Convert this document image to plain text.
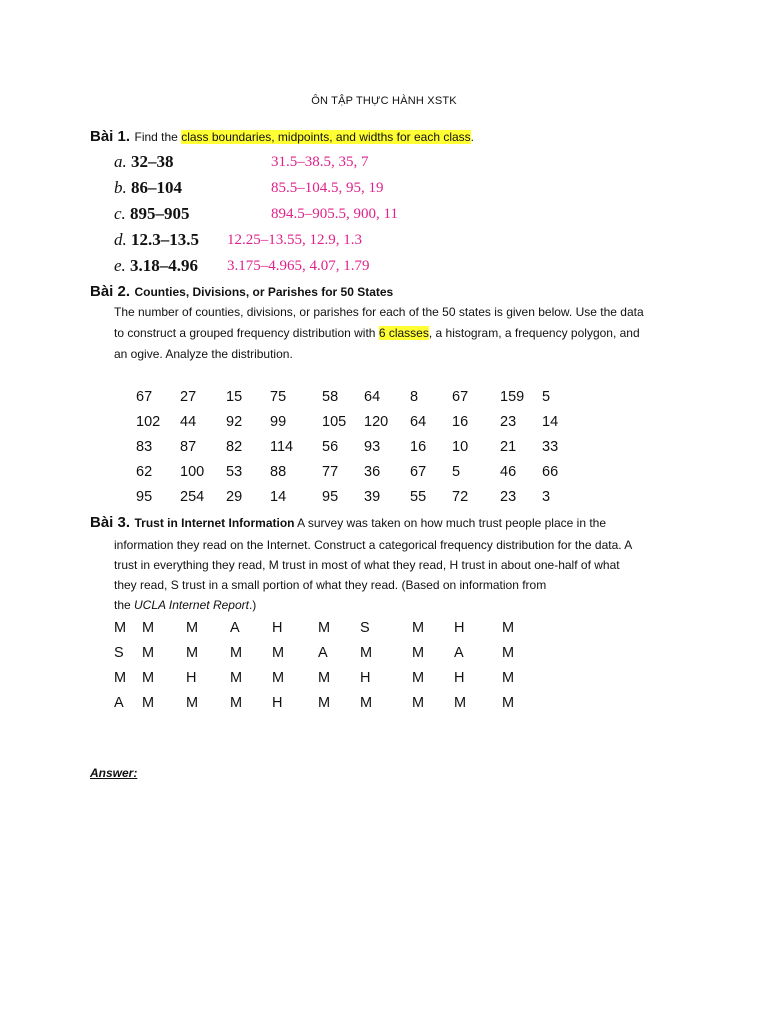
ÔN TẬP THỰC HÀNH XSTK
Bài 1. Find the class boundaries, midpoints, and widths for each class.
a. 32–38	31.5–38.5, 35, 7
b. 86–104	85.5–104.5, 95, 19
c. 895–905	894.5–905.5, 900, 11
d. 12.3–13.5 12.25–13.55, 12.9, 1.3
e. 3.18–4.96 3.175–4.965, 4.07, 1.79
Bài 2. Counties, Divisions, or Parishes for 50 States
The number of counties, divisions, or parishes for each of the 50 states is given below. Use the data
to construct a grouped frequency distribution with 6 classes, a histogram, a frequency polygon, and
an ogive. Analyze the distribution.
67 27 15 75 58 64 8 67 159 5
102 44 92 99 105 120 64 16 23 14
83 87 82 114 56 93 16 10 21 33
62 100 53 88 77 36 67 5	46 66
95 254 29 14 95 39 55 72 23 3
Bài 3. Trust in Internet Information A survey was taken on how much trust people place in the
information they read on the Internet. Construct a categorical frequency distribution for the data. A
trust in everything they read, M trust in most of what they read, H trust in about one-half of what
they read, S trust in a small portion of what they read. (Based on information from
the UCLA Internet Report.)
M M M A H M S	M H	M
S M M M M A M	M A	M
M M H M M M H	M H	M
A M M M H M M	M M M
Answer:
